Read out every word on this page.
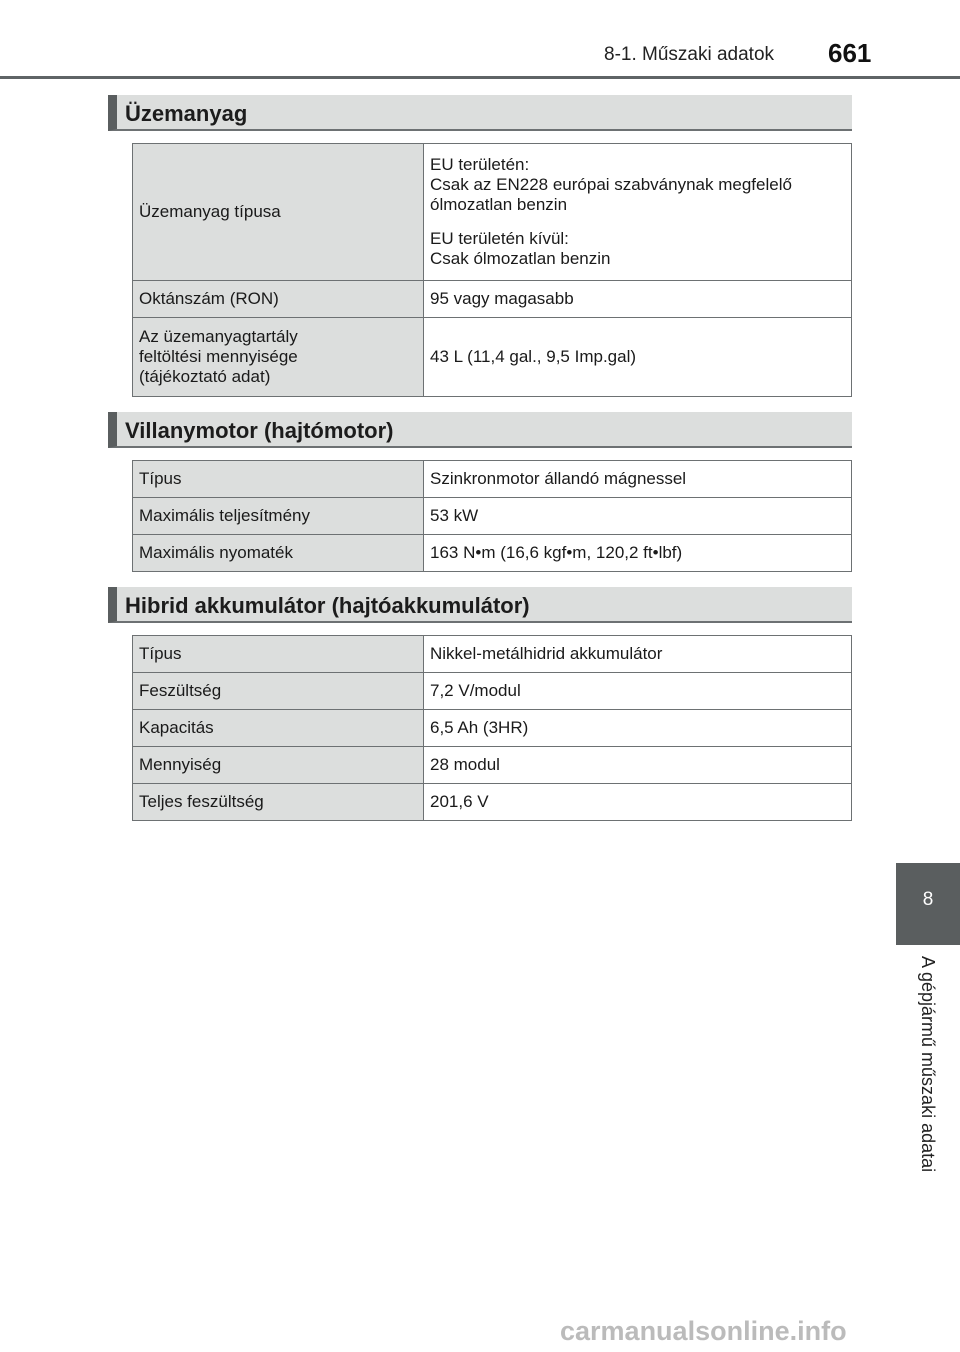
8-1. Műszaki adatok 661
Üzemanyag
Üzemanyag típusa	EU területén:

Csak az EN228 európai szabványnak megfelelő

ólmozatlan benzin

EU területén kívül:

Csak ólmozatlan benzin

Oktánszám (RON)	95 vagy magasabb

Az üzemanyagtartály

feltöltési mennyisége

(tájékoztató adat)	43 L (11,4 gal., 9,5 Imp.gal)
Villanymotor (hajtómotor)
Típus	Szinkronmotor állandó mágnessel
Maximális teljesítmény	53 kW
Maximális nyomaték	163 N•m (16,6 kgf•m, 120,2 ft•lbf)
Hibrid akkumulátor (hajtóakkumulátor)
Típus	Nikkel-metálhidrid akkumulátor
Feszültség	7,2 V/modul
Kapacitás	6,5 Ah (3HR)
Mennyiség	28 modul
Teljes feszültség	201,6 V
8
A gépjármű műszaki adatai
carmanualsonline.info
